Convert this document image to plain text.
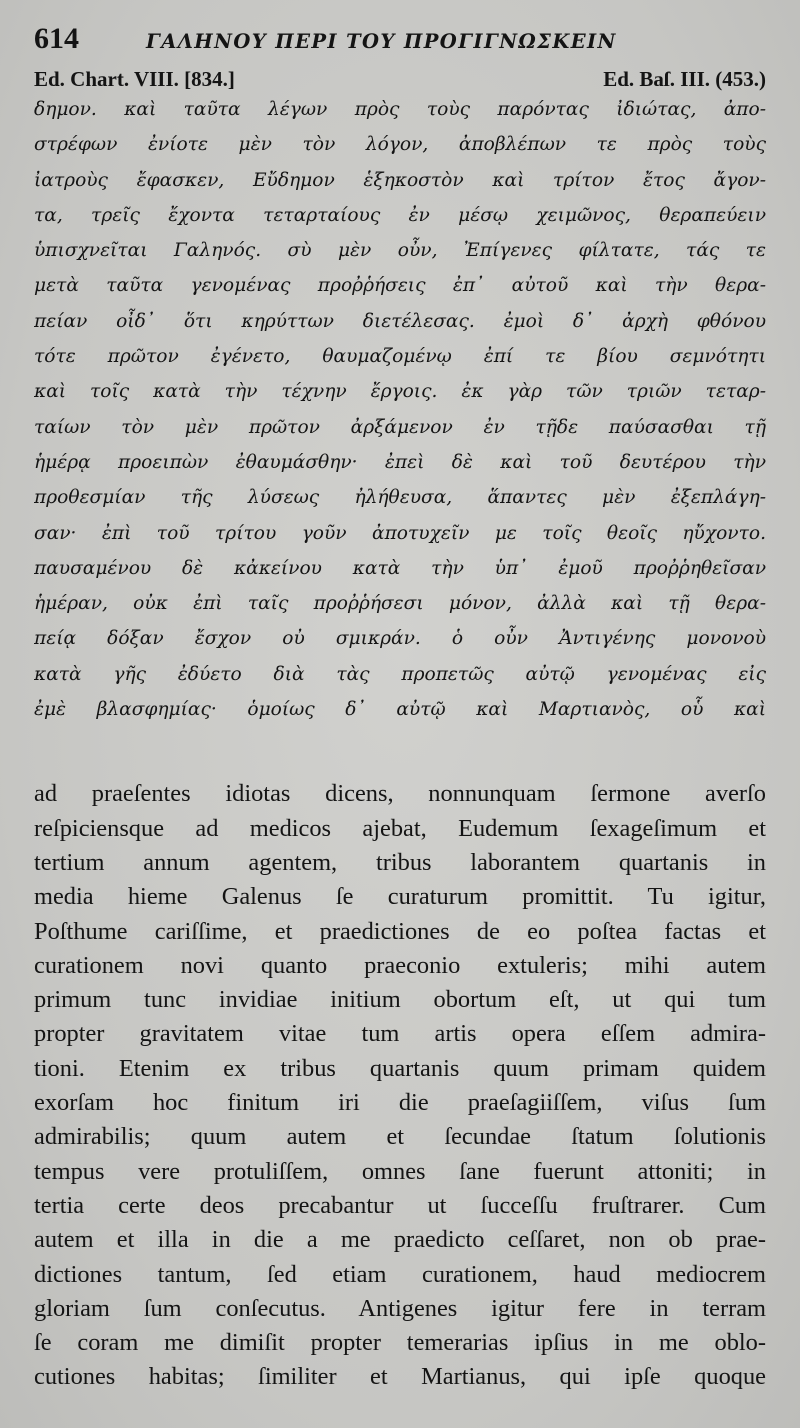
614	ΓΑΛΗΝΟΥ ΠΕΡΙ ΤΟΥ ΠΡΟΓΙΓΝΩΣΚΕΙΝ
Ed. Chart. VIII. [834.]	Ed. Baſ. III. (453.)
δημον. καὶ ταῦτα λέγων πρὸς τοὺς παρόντας ἰδιώτας, ἀπο-
στρέφων ἐνίοτε μὲν τὸν λόγον, ἀποβλέπων τε πρὸς τοὺς
ἰατροὺς ἔφασκεν, Εὔδημον ἑξηκοστὸν καὶ τρίτον ἔτος ἄγον-
τα, τρεῖς ἔχοντα τεταρταίους ἐν μέσῳ χειμῶνος, θεραπεύειν
ὑπισχνεῖται Γαληνός. σὺ μὲν οὖν, Ἐπίγενες φίλτατε, τάς τε
μετὰ ταῦτα γενομένας προῤῥήσεις ἐπ᾽ αὐτοῦ καὶ τὴν θερα-
πείαν οἶδ᾽ ὅτι κηρύττων διετέλεσας. ἐμοὶ δ᾽ ἀρχὴ φθόνου
τότε πρῶτον ἐγένετο, θαυμαζομένῳ ἐπί τε βίου σεμνότητι
καὶ τοῖς κατὰ τὴν τέχνην ἔργοις. ἐκ γὰρ τῶν τριῶν τεταρ-
ταίων τὸν μὲν πρῶτον ἀρξάμενον ἐν τῇδε παύσασθαι τῇ
ἡμέρᾳ προειπὼν ἐθαυμάσθην· ἐπεὶ δὲ καὶ τοῦ δευτέρου τὴν
προθεσμίαν τῆς λύσεως ἠλήθευσα, ἅπαντες μὲν ἐξεπλάγη-
σαν· ἐπὶ τοῦ τρίτου γοῦν ἀποτυχεῖν με τοῖς θεοῖς ηὔχοντο.
παυσαμένου δὲ κἀκείνου κατὰ τὴν ὑπ᾽ ἐμοῦ προῤῥηθεῖσαν
ἡμέραν, οὐκ ἐπὶ ταῖς προῤῥήσεσι μόνον, ἀλλὰ καὶ τῇ θερα-
πείᾳ δόξαν ἔσχον οὐ σμικράν. ὁ οὖν Ἀντιγένης μονονοὺ
κατὰ γῆς ἐδύετο διὰ τὰς προπετῶς αὐτῷ γενομένας εἰς
ἐμὲ βλασφημίας· ὁμοίως δ᾽ αὐτῷ καὶ Μαρτιανὸς, οὗ καὶ
ad praeſentes idiotas dicens, nonnunquam ſermone averſo
reſpiciensque ad medicos ajebat, Eudemum ſexageſimum et
tertium annum agentem, tribus laborantem quartanis in
media hieme Galenus ſe curaturum promittit. Tu igitur,
Poſthume cariſſime, et praedictiones de eo poſtea factas et
curationem novi quanto praeconio extuleris; mihi autem
primum tunc invidiae initium obortum eſt, ut qui tum
propter gravitatem vitae tum artis opera eſſem admira-
tioni. Etenim ex tribus quartanis quum primam quidem
exorſam hoc finitum iri die praeſagiiſſem, viſus ſum
admirabilis; quum autem et ſecundae ſtatum ſolutionis
tempus vere protuliſſem, omnes ſane fuerunt attoniti; in
tertia certe deos precabantur ut ſucceſſu fruſtrarer. Cum
autem et illa in die a me praedicto ceſſaret, non ob prae-
dictiones tantum, ſed etiam curationem, haud mediocrem
gloriam ſum conſecutus. Antigenes igitur fere in terram
ſe coram me dimiſit propter temerarias ipſius in me oblo-
cutiones habitas; ſimiliter et Martianus, qui ipſe quoque
